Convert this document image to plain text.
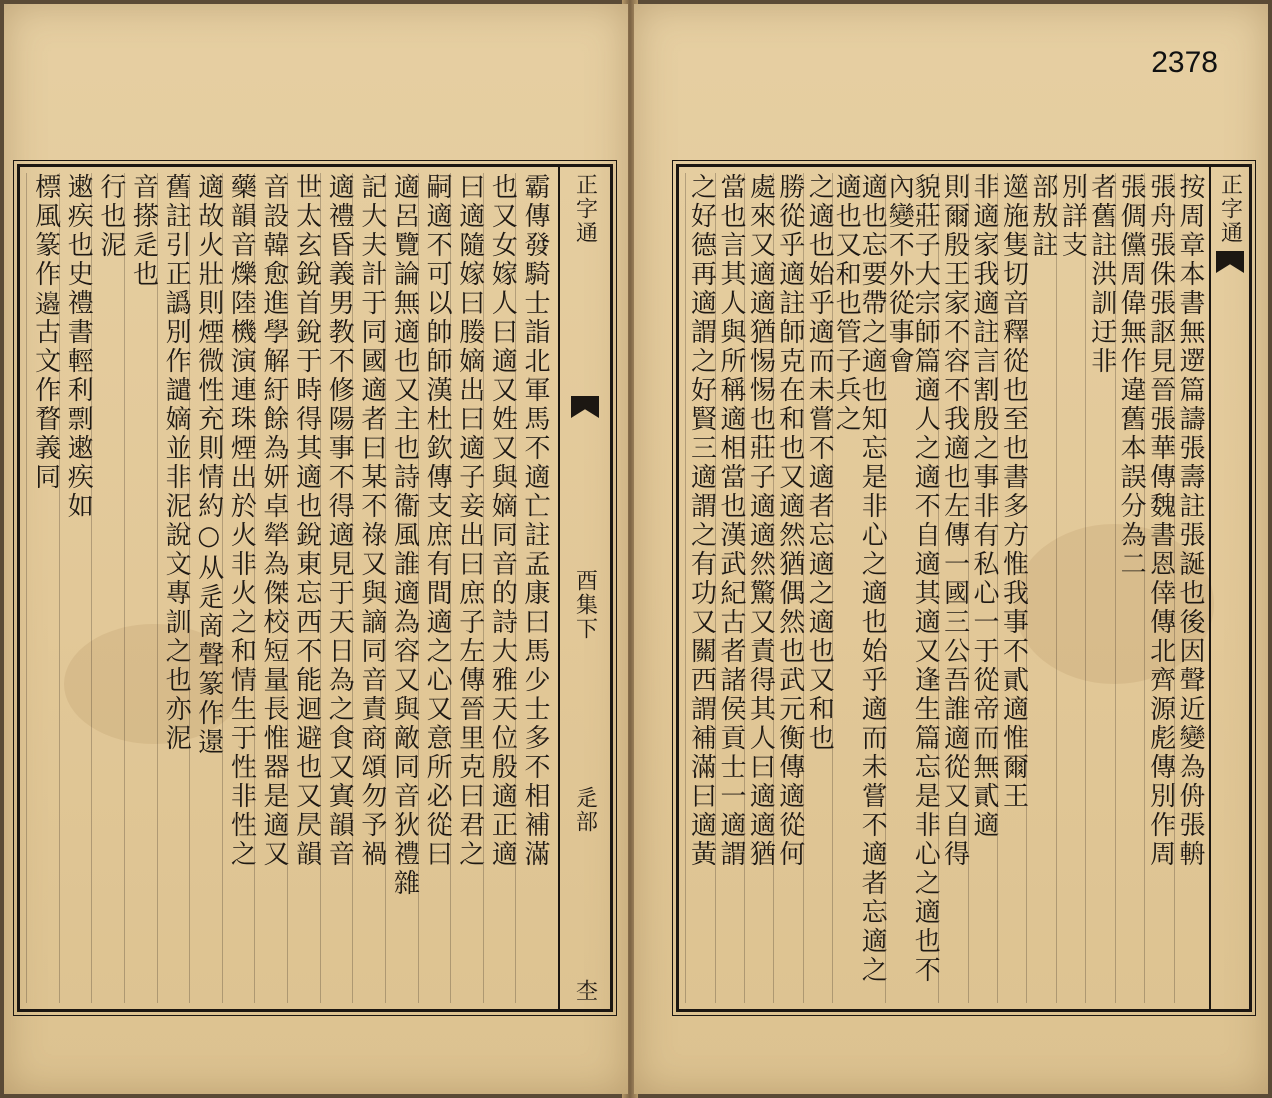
正字通
酉集下
辵部
杢
霸傳發騎士詣北軍馬不適亡註孟康曰馬少士多不相補滿
也又女嫁人曰適又姓又與嫡同音的詩大雅天位殷適正適
曰適隨嫁曰媵嫡出曰適子妾出曰庶子左傳晉里克曰君之
嗣適不可以帥師漢杜欽傳支庶有間適之心又意所必從曰
適呂覽論無適也又主也詩衞風誰適為容又與敵同音狄禮雜
記大夫計于同國適者曰某不祿又與謫同音責商頌勿予禍
適禮昏義男教不修陽事不得適見于天日為之食又寘韻音
世太玄銳首銳于時得其適也銳東忘西不能迴避也又昃韻
音設韓愈進學解紆餘為妍卓犖為傑校短量長惟器是適又
藥韻音爍陸機演連珠煙出於火非火之和情生于性非性之
適故火壯則煙微性充則情約○从辵啇聲篆作𨗈
舊註引正譌別作譴嫡並非泥說文專訓之也亦泥
音搽辵也
行也泥
遫疾也史禮書輕利剽遫疾如
標風篆作𨘢古文作瞀義同
2378
正字通
按周章本書無遻篇譸張壽註張誕也後因聲近變為侜張輈
張舟張侏張𧦅見晉張華傳魏書恩倖傳北齊源彪傳別作周
張倜儻周偉無作違舊本誤分為二
者舊註洪訓迂非
別詳支
部敖註
遾施隻切音釋從也至也書多方惟我事不貳適惟爾王
非適家我適註言割殷之事非有私心一于從帝而無貳適
則爾殷王家不容不我適也左傳一國三公吾誰適從又自得
貌莊子大宗師篇適人之適不自適其適又逢生篇忘是非心之適也不內變不外從事會
適也忘要帶之適也知忘是非心之適也始乎適而未嘗不適者忘適之適也又和也管子兵之
之適也始乎適而未嘗不適者忘適之適也又和也
勝從乎適註師克在和也又適然猶偶然也武元衡傳適從何
處來又適適猶惕惕也莊子適適然驚又責得其人曰適適猶
當也言其人與所稱適相當也漢武紀古者諸侯貢士一適謂
之好德再適謂之好賢三適謂之有功又關西謂補滿曰適黃
